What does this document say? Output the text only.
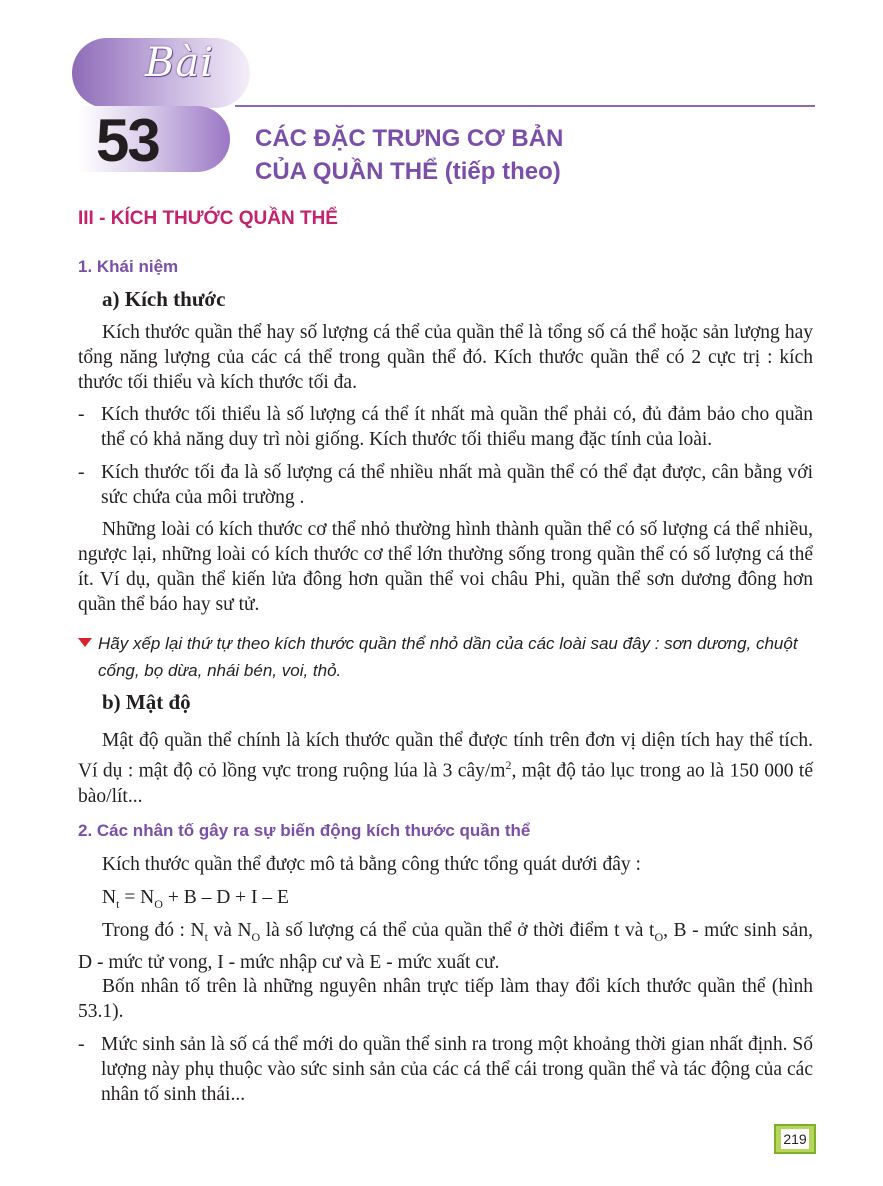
Bài
53	CÁC ĐẶC TRƯNG CƠ BẢN
CỦA QUẦN THỂ (tiếp theo)
III - KÍCH THƯỚC QUẦN THỂ
1. Khái niệm
a) Kích thước
Kích thước quần thể hay số lượng cá thể của quần thể là tổng số cá thể hoặc sản lượng hay tổng năng lượng của các cá thể trong quần thể đó. Kích thước quần thể có 2 cực trị : kích thước tối thiểu và kích thước tối đa.
- Kích thước tối thiểu là số lượng cá thể ít nhất mà quần thể phải có, đủ đảm bảo cho quần thể có khả năng duy trì nòi giống. Kích thước tối thiểu mang đặc tính của loài.
- Kích thước tối đa là số lượng cá thể nhiều nhất mà quần thể có thể đạt được, cân bằng với sức chứa của môi trường .
Những loài có kích thước cơ thể nhỏ thường hình thành quần thể có số lượng cá thể nhiều, ngược lại, những loài có kích thước cơ thể lớn thường sống trong quần thể có số lượng cá thể ít. Ví dụ, quần thể kiến lửa đông hơn quần thể voi châu Phi, quần thể sơn dương đông hơn quần thể báo hay sư tử.
Hãy xếp lại thứ tự theo kích thước quần thể nhỏ dần của các loài sau đây : sơn dương, chuột cống, bọ dừa, nhái bén, voi, thỏ.
b) Mật độ
Mật độ quần thể chính là kích thước quần thể được tính trên đơn vị diện tích hay thể tích. Ví dụ : mật độ cỏ lồng vực trong ruộng lúa là 3 cây/$m^2$, mật độ tảo lục trong ao là 150 000 tế bào/lít...
2. Các nhân tố gây ra sự biến động kích thước quần thể
Kích thước quần thể được mô tả bằng công thức tổng quát dưới đây :
$N_t = N_O + B - D + I - E$
Trong đó : $N_t$ và $N_O$ là số lượng cá thể của quần thể ở thời điểm t và $t_O$, B - mức sinh sản, D - mức tử vong, I - mức nhập cư và E - mức xuất cư.
Bốn nhân tố trên là những nguyên nhân trực tiếp làm thay đổi kích thước quần thể (hình 53.1).
- Mức sinh sản là số cá thể mới do quần thể sinh ra trong một khoảng thời gian nhất định. Số lượng này phụ thuộc vào sức sinh sản của các cá thể cái trong quần thể và tác động của các nhân tố sinh thái...
219
